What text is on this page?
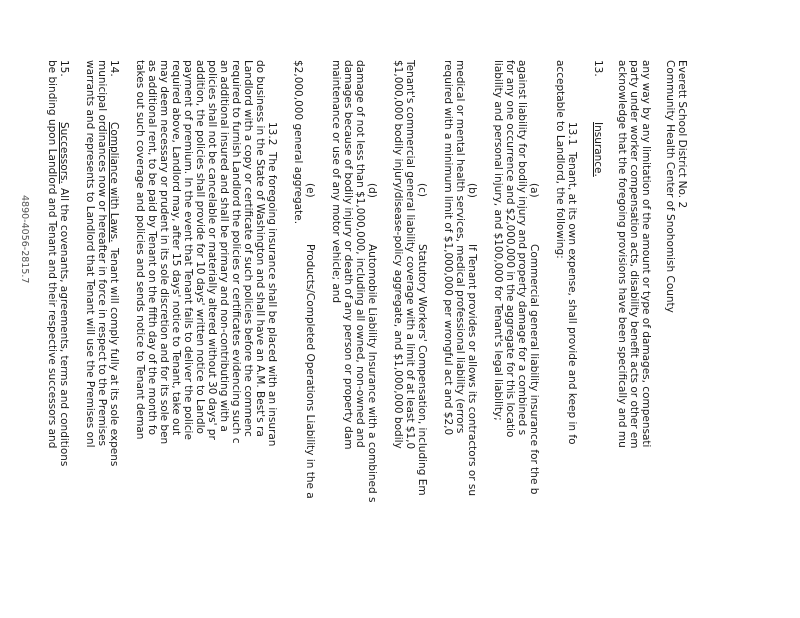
Everett School District No. 2
Community Health Center of Snohomish County
any way by any limitation of the amount or type of damages, compensati
party under worker compensation acts, disability benefit acts or other em
acknowledge that the foregoing provisions have been specifically and mu
13.
Insurance.
13.1
Tenant, at its own expense, shall provide and keep in fo
acceptable to Landlord, the following:
(a)
Commercial general liability insurance for the b
against liability for bodily injury and property damage for a combined s
for any one occurrence and $2,000,000 in the aggregate for this locatio
liability and personal injury, and $100,000 for Tenant's legal liability;
(b)
If Tenant provides or allows its contractors or su
medical or mental health services, medical professional liability (errors
required with a minimum limit of $1,000,000 per wrongful act and $2,0
(c)
Statutory Workers' Compensation, including Em
Tenant's commercial general liability coverage with a limit of at least $1,0
$1,000,000 bodily injury/disease-policy aggregate, and $1,000,000 bodily
(d)
Automobile Liability Insurance with a combined s
damage of not less than $1,000,000, including all owned, non-owned and
damages because of bodily injury or death of any person or property dam
maintenance or use of any motor vehicle; and
(e)
Products/Completed Operations Liability in the a
$2,000,000 general aggregate.
13.2
The foregoing insurance shall be placed with an insuran
do business in the State of Washington and shall have an A.M. Best's ra
Landlord with a copy or certificate of such policies before the commenc
required to furnish Landlord the policies or certificates evidencing such c
an additional insured and shall be primary and non-contributing with a
policies shall not be cancelable or materially altered without 30 days' pr
addition, the policies shall provide for 10 days' written notice to Landlo
payment of premium. In the event that Tenant fails to deliver the policie
required above, Landlord may, after 15 days' notice to Tenant, take out
may deem necessary or prudent in its sole discretion and for its sole ben
as additional rent, to be paid by Tenant on the fifth day of the month fo
takes out such coverage and policies and sends notice to Tenant deman
14.
Compliance with Laws.
Tenant will comply fully at its sole expens
municipal ordinances now or hereafter in force in respect to the Premises
warrants and represents to Landlord that Tenant will use the Premises onl
15.
Successors.
All the covenants, agreements, terms and conditions
be binding upon Landlord and Tenant and their respective successors and
4890-4056-2815.7
